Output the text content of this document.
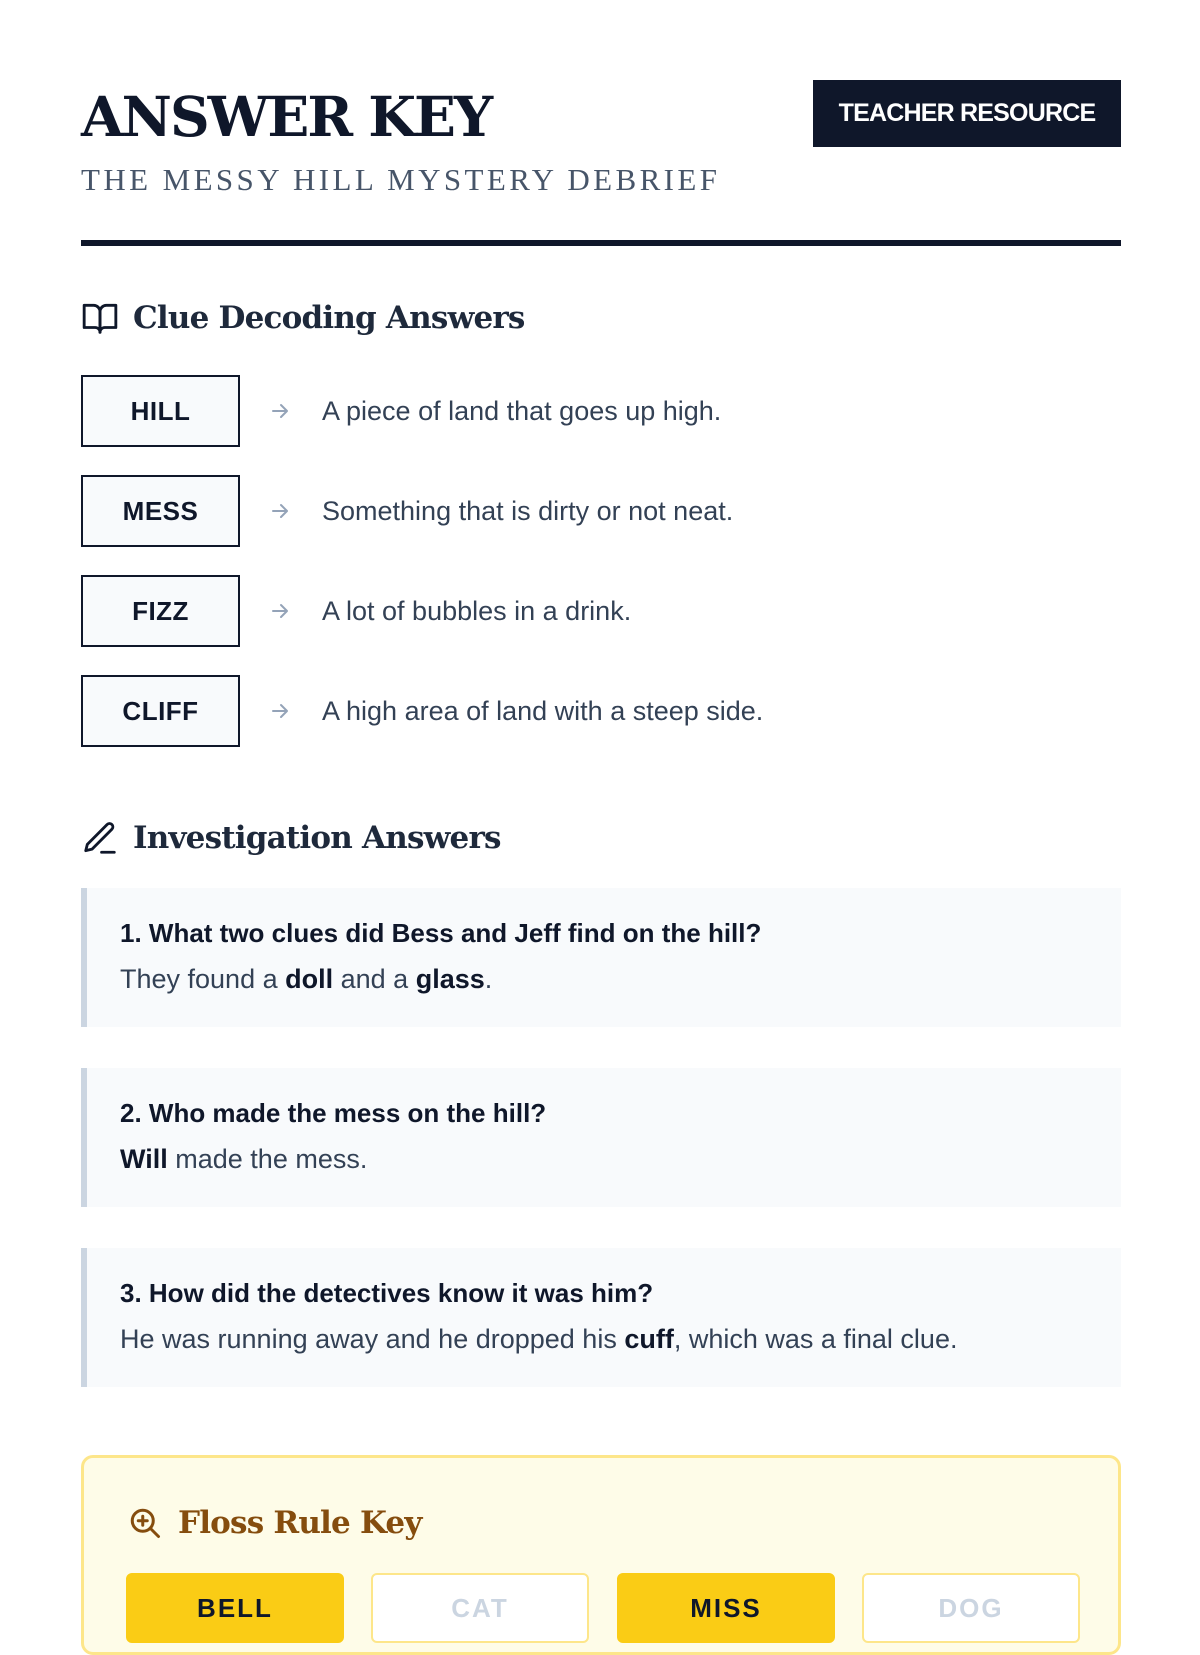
ANSWER KEY
THE MESSY HILL MYSTERY DEBRIEF
TEACHER RESOURCE
Clue Decoding Answers
HILL	A piece of land that goes up high.
MESS	Something that is dirty or not neat.
FIZZ	A lot of bubbles in a drink.
CLIFF	A high area of land with a steep side.
Investigation Answers
1. What two clues did Bess and Jeff find on the hill?
They found a doll and a glass.
2. Who made the mess on the hill?
Will made the mess.
3. How did the detectives know it was him?
He was running away and he dropped his cuff, which was a final clue.
Floss Rule Key
BELL	CAT	MISS	DOG
